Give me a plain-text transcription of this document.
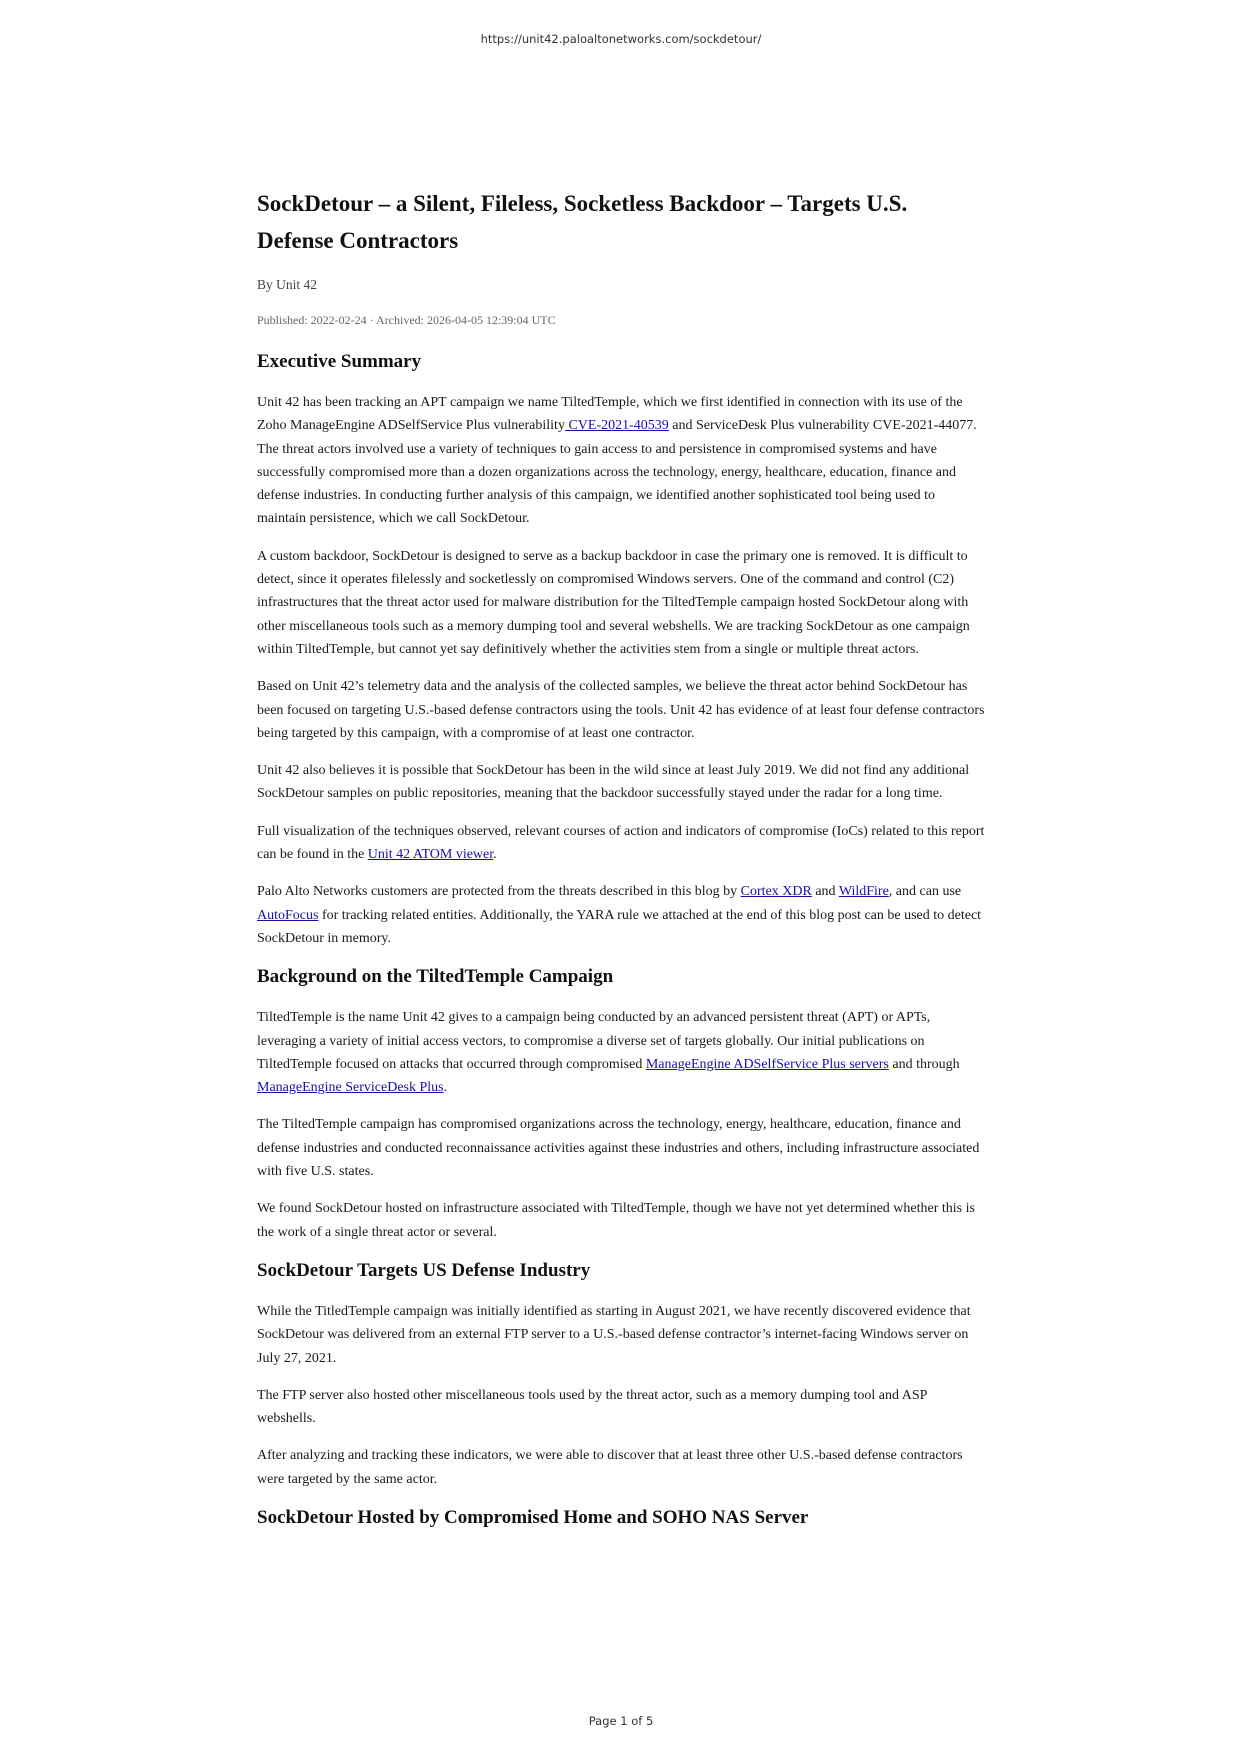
https://unit42.paloaltonetworks.com/sockdetour/
SockDetour – a Silent, Fileless, Socketless Backdoor – Targets U.S. Defense Contractors
By Unit 42
Published: 2022-02-24 · Archived: 2026-04-05 12:39:04 UTC
Executive Summary

Unit 42 has been tracking an APT campaign we name TiltedTemple, which we first identified in connection with its use of the Zoho ManageEngine ADSelfService Plus vulnerability CVE-2021-40539 and ServiceDesk Plus vulnerability CVE-2021-44077. The threat actors involved use a variety of techniques to gain access to and persistence in compromised systems and have successfully compromised more than a dozen organizations across the technology, energy, healthcare, education, finance and defense industries. In conducting further analysis of this campaign, we identified another sophisticated tool being used to maintain persistence, which we call SockDetour.

A custom backdoor, SockDetour is designed to serve as a backup backdoor in case the primary one is removed. It is difficult to detect, since it operates filelessly and socketlessly on compromised Windows servers. One of the command and control (C2) infrastructures that the threat actor used for malware distribution for the TiltedTemple campaign hosted SockDetour along with other miscellaneous tools such as a memory dumping tool and several webshells. We are tracking SockDetour as one campaign within TiltedTemple, but cannot yet say definitively whether the activities stem from a single or multiple threat actors.

Based on Unit 42’s telemetry data and the analysis of the collected samples, we believe the threat actor behind SockDetour has been focused on targeting U.S.-based defense contractors using the tools. Unit 42 has evidence of at least four defense contractors being targeted by this campaign, with a compromise of at least one contractor.

Unit 42 also believes it is possible that SockDetour has been in the wild since at least July 2019. We did not find any additional SockDetour samples on public repositories, meaning that the backdoor successfully stayed under the radar for a long time.

Full visualization of the techniques observed, relevant courses of action and indicators of compromise (IoCs) related to this report can be found in the Unit 42 ATOM viewer.

Palo Alto Networks customers are protected from the threats described in this blog by Cortex XDR and WildFire, and can use AutoFocus for tracking related entities. Additionally, the YARA rule we attached at the end of this blog post can be used to detect SockDetour in memory.

Background on the TiltedTemple Campaign

TiltedTemple is the name Unit 42 gives to a campaign being conducted by an advanced persistent threat (APT) or APTs, leveraging a variety of initial access vectors, to compromise a diverse set of targets globally. Our initial publications on TiltedTemple focused on attacks that occurred through compromised ManageEngine ADSelfService Plus servers and through ManageEngine ServiceDesk Plus.

The TiltedTemple campaign has compromised organizations across the technology, energy, healthcare, education, finance and defense industries and conducted reconnaissance activities against these industries and others, including infrastructure associated with five U.S. states.

We found SockDetour hosted on infrastructure associated with TiltedTemple, though we have not yet determined whether this is the work of a single threat actor or several.

SockDetour Targets US Defense Industry

While the TitledTemple campaign was initially identified as starting in August 2021, we have recently discovered evidence that SockDetour was delivered from an external FTP server to a U.S.-based defense contractor’s internet-facing Windows server on July 27, 2021.

The FTP server also hosted other miscellaneous tools used by the threat actor, such as a memory dumping tool and ASP webshells.

After analyzing and tracking these indicators, we were able to discover that at least three other U.S.-based defense contractors were targeted by the same actor.

SockDetour Hosted by Compromised Home and SOHO NAS Server
Page 1 of 5
